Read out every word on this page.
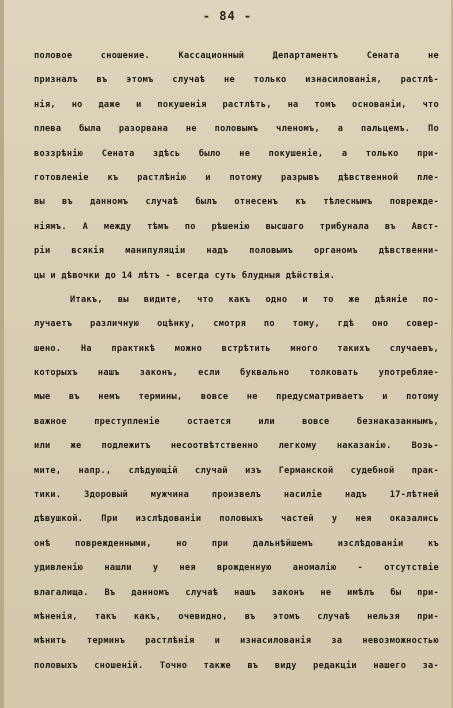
- 84 -
половое сношение. Кассационный Департаментъ Сената не
призналъ въ этомъ случаѣ не только изнасилованія, растлѣ-
нія, но даже и покушенія растлѣть, на томъ основаніи, что
плева была разорвана не половымъ членомъ, а пальцемъ. По
воззрѣнію Сената здѣсь было не покушеніе, а только при-
готовленіе къ растлѣнію и потому разрывъ дѣвственной пле-
вы въ данномъ случаѣ былъ отнесенъ къ тѣлеснымъ поврежде-
ніямъ. А между тѣмъ по рѣшенію высшаго трибунала въ Авст-
ріи всякія манипуляціи надъ половымъ органомъ дѣвственни-
цы и дѣвочки до 14 лѣтъ - всегда суть блудныя дѣйствія.
Итакъ, вы видите, что какъ одно и то же дѣяніе по-
лучаетъ различную оцѣнку, смотря по тому, гдѣ оно совер-
шено. На практикѣ можно встрѣтить много такихъ случаевъ,
которыхъ нашъ законъ, если буквально толковать употребляе-
мые въ немъ термины, вовсе не предусматриваетъ и потому
важное преступленіе остается или вовсе безнаказаннымъ,
или же подлежитъ несоотвѣтственно легкому наказанію. Возь-
мите, напр., слѣдующій случай изъ Германской судебной прак-
тики. Здоровый мужчина произвелъ насиліе надъ 17-лѣтней
дѣвушкой. При изслѣдованіи половыхъ частей у нея оказались
онѣ поврежденными, но при дальнѣйшемъ изслѣдованіи къ
удивленію нашли у нея врожденную аномалію - отсутствіе
влагалища. Въ данномъ случаѣ нашъ законъ не имѣлъ бы при-
мѣненія, такъ какъ, очевидно, въ этомъ случаѣ нельзя при-
мѣнить терминъ растлѣнія и изнасилованія за невозможностью
половыхъ сношеній. Точно также въ виду редакціи нашего за-
